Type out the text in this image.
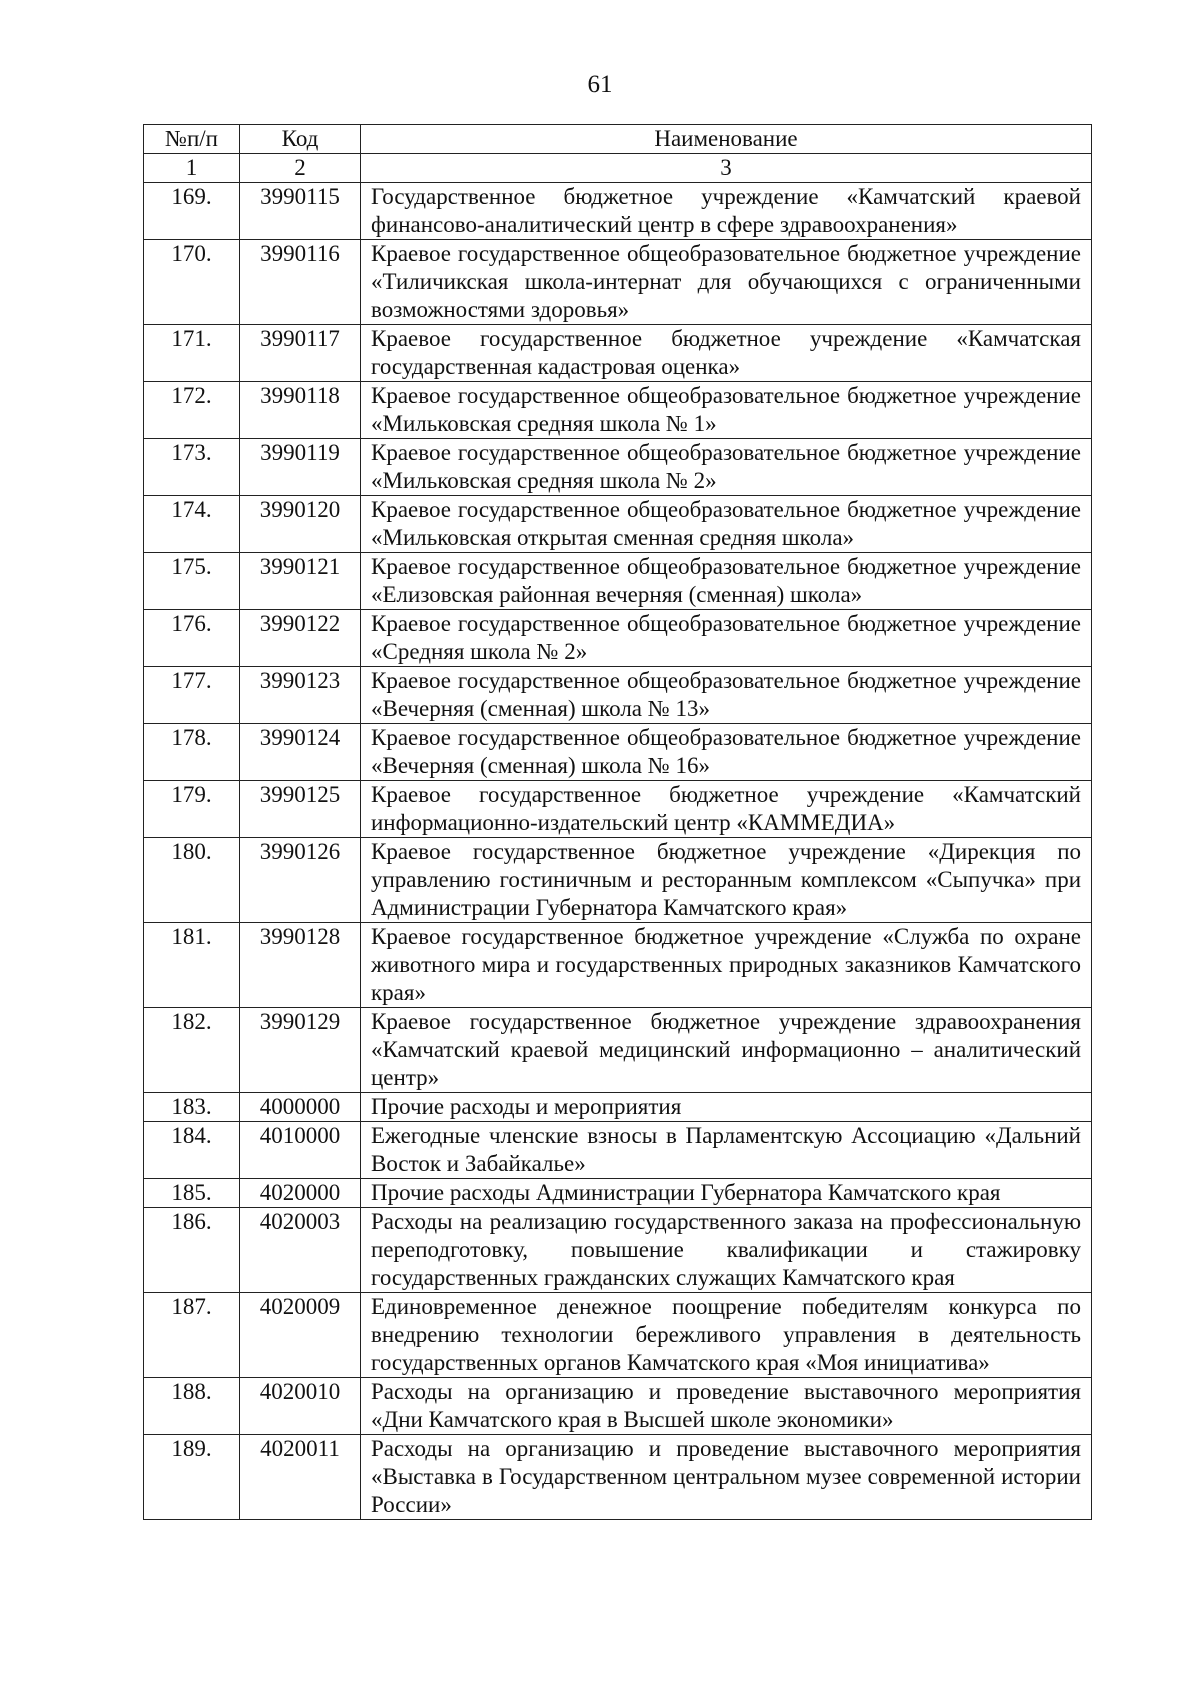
61
№п/п	Код	Наименование
1	2	3
169.	3990115	Государственное бюджетное учреждение «Камчатский краевой финансово-аналитический центр в сфере здравоохранения»
170.	3990116	Краевое государственное общеобразовательное бюджетное учреждение «Тиличикская школа-интернат для обучающихся с ограниченными возможностями здоровья»
171.	3990117	Краевое государственное бюджетное учреждение «Камчатская государственная кадастровая оценка»
172.	3990118	Краевое государственное общеобразовательное бюджетное учреждение «Мильковская средняя школа № 1»
173.	3990119	Краевое государственное общеобразовательное бюджетное учреждение «Мильковская средняя школа № 2»
174.	3990120	Краевое государственное общеобразовательное бюджетное учреждение «Мильковская открытая сменная средняя школа»
175.	3990121	Краевое государственное общеобразовательное бюджетное учреждение «Елизовская районная вечерняя (сменная) школа»
176.	3990122	Краевое государственное общеобразовательное бюджетное учреждение «Средняя школа № 2»
177.	3990123	Краевое государственное общеобразовательное бюджетное учреждение «Вечерняя (сменная) школа № 13»
178.	3990124	Краевое государственное общеобразовательное бюджетное учреждение «Вечерняя (сменная) школа № 16»
179.	3990125	Краевое государственное бюджетное учреждение «Камчатский информационно-издательский центр «КАММЕДИА»
180.	3990126	Краевое государственное бюджетное учреждение «Дирекция по управлению гостиничным и ресторанным комплексом «Сыпучка» при Администрации Губернатора Камчатского края»
181.	3990128	Краевое государственное бюджетное учреждение «Служба по охране животного мира и государственных природных заказников Камчатского края»
182.	3990129	Краевое государственное бюджетное учреждение здравоохранения «Камчатский краевой медицинский информационно – аналитический центр»
183.	4000000	Прочие расходы и мероприятия
184.	4010000	Ежегодные членские взносы в Парламентскую Ассоциацию «Дальний Восток и Забайкалье»
185.	4020000	Прочие расходы Администрации Губернатора Камчатского края
186.	4020003	Расходы на реализацию государственного заказа на профессиональную переподготовку, повышение квалификации и стажировку государственных гражданских служащих Камчатского края
187.	4020009	Единовременное денежное поощрение победителям конкурса по внедрению технологии бережливого управления в деятельность государственных органов Камчатского края «Моя инициатива»
188.	4020010	Расходы на организацию и проведение выставочного мероприятия «Дни Камчатского края в Высшей школе экономики»
189.	4020011	Расходы на организацию и проведение выставочного мероприятия «Выставка в Государственном центральном музее современной истории России»
